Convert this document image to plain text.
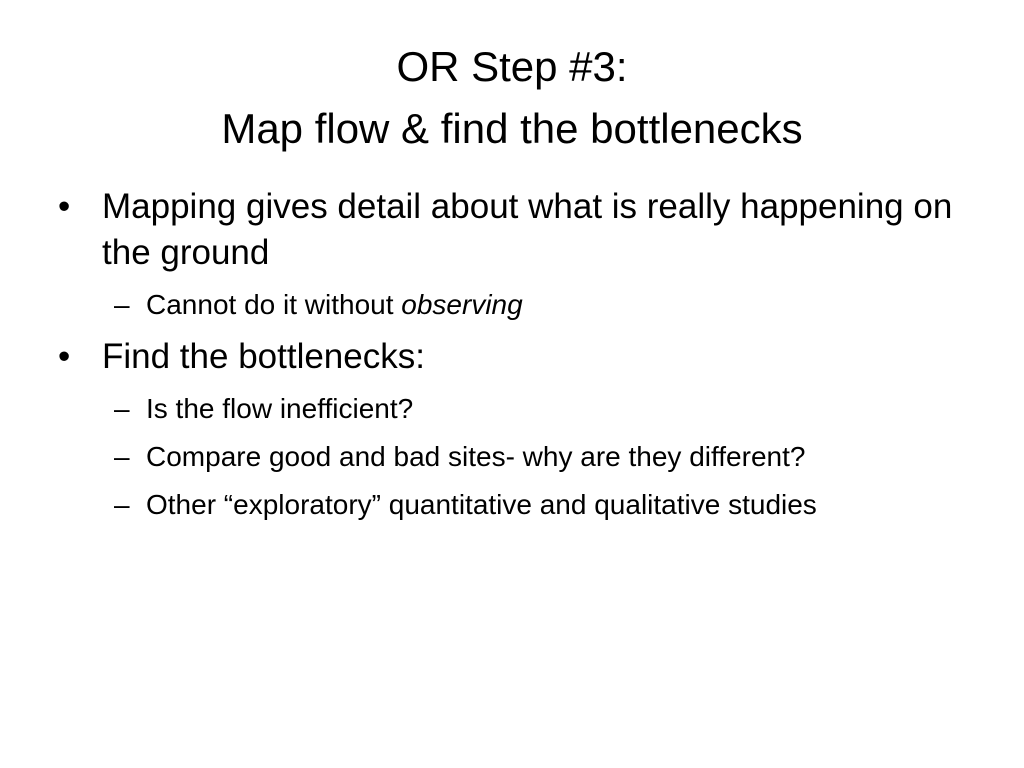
OR Step #3:
Map flow & find the bottlenecks
• Mapping gives detail about what is really happening on the ground
– Cannot do it without observing
• Find the bottlenecks:
– Is the flow inefficient?
– Compare good and bad sites- why are they different?
– Other “exploratory” quantitative and qualitative studies
